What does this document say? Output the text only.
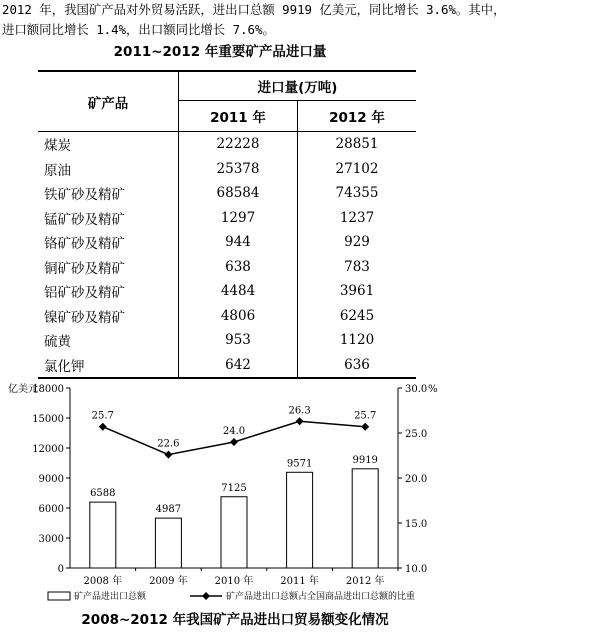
2012 年，我国矿产品对外贸易活跃，进出口总额 9919 亿美元，同比增长 3.6%。其中，
进口额同比增长 1.4%，出口额同比增长 7.6%。
2011~2012 年重要矿产品进口量
矿产品	进口量(万吨)	
	2011 年	2012 年
煤炭	22228	28851
原油	25378	27102
铁矿砂及精矿	68584	74355
锰矿砂及精矿	1297	1237
铬矿砂及精矿	944	929
铜矿砂及精矿	638	783
铝矿砂及精矿	4484	3961
镍矿砂及精矿	4806	6245
硫黄	953	1120
氯化钾	642	636
0
3000
6000
9000
12000
15000
18000
10.0
15.0
20.0
25.0
30.0
亿美元	%
6588
2008 年
4987
2009 年
7125
2010 年
9571
2011 年
9919
2012 年
25.7
22.6
24.0
26.3	25.7
矿产品进出口总额	矿产品进出口总额占全国商品进出口总额的比重
2008~2012 年我国矿产品进出口贸易额变化情况
